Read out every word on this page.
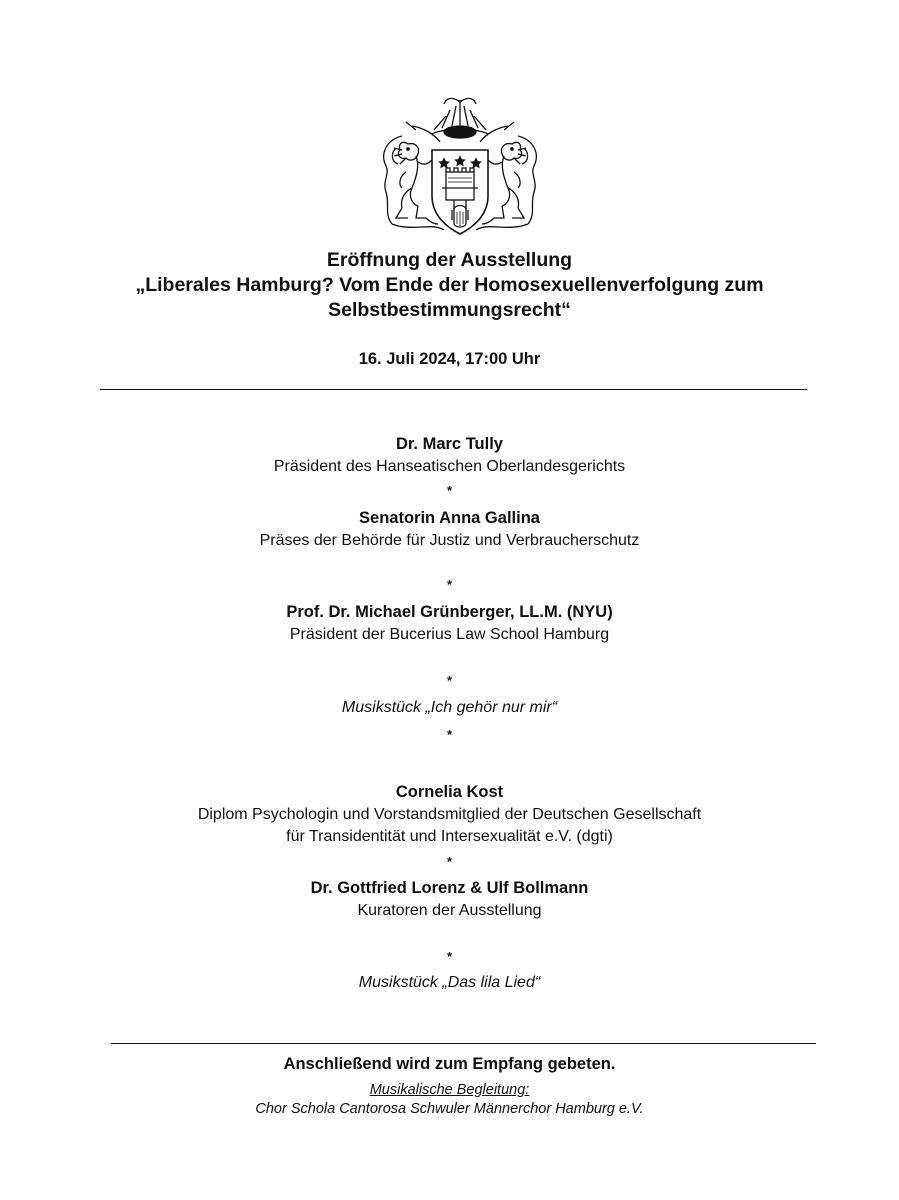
Eröffnung der Ausstellung
„Liberales Hamburg? Vom Ende der Homosexuellenverfolgung zum
Selbstbestimmungsrecht“
16. Juli 2024, 17:00 Uhr
Dr. Marc Tully
Präsident des Hanseatischen Oberlandesgerichts
*
Senatorin Anna Gallina
Präses der Behörde für Justiz und Verbraucherschutz
*
Prof. Dr. Michael Grünberger, LL.M. (NYU)
Präsident der Bucerius Law School Hamburg
*
Musikstück „Ich gehör nur mir“
*
Cornelia Kost
Diplom Psychologin und Vorstandsmitglied der Deutschen Gesellschaft
für Transidentität und Intersexualität e.V. (dgti)
*
Dr. Gottfried Lorenz & Ulf Bollmann
Kuratoren der Ausstellung
*
Musikstück „Das lila Lied“
Anschließend wird zum Empfang gebeten.
Musikalische Begleitung:
Chor Schola Cantorosa Schwuler Männerchor Hamburg e.V.
